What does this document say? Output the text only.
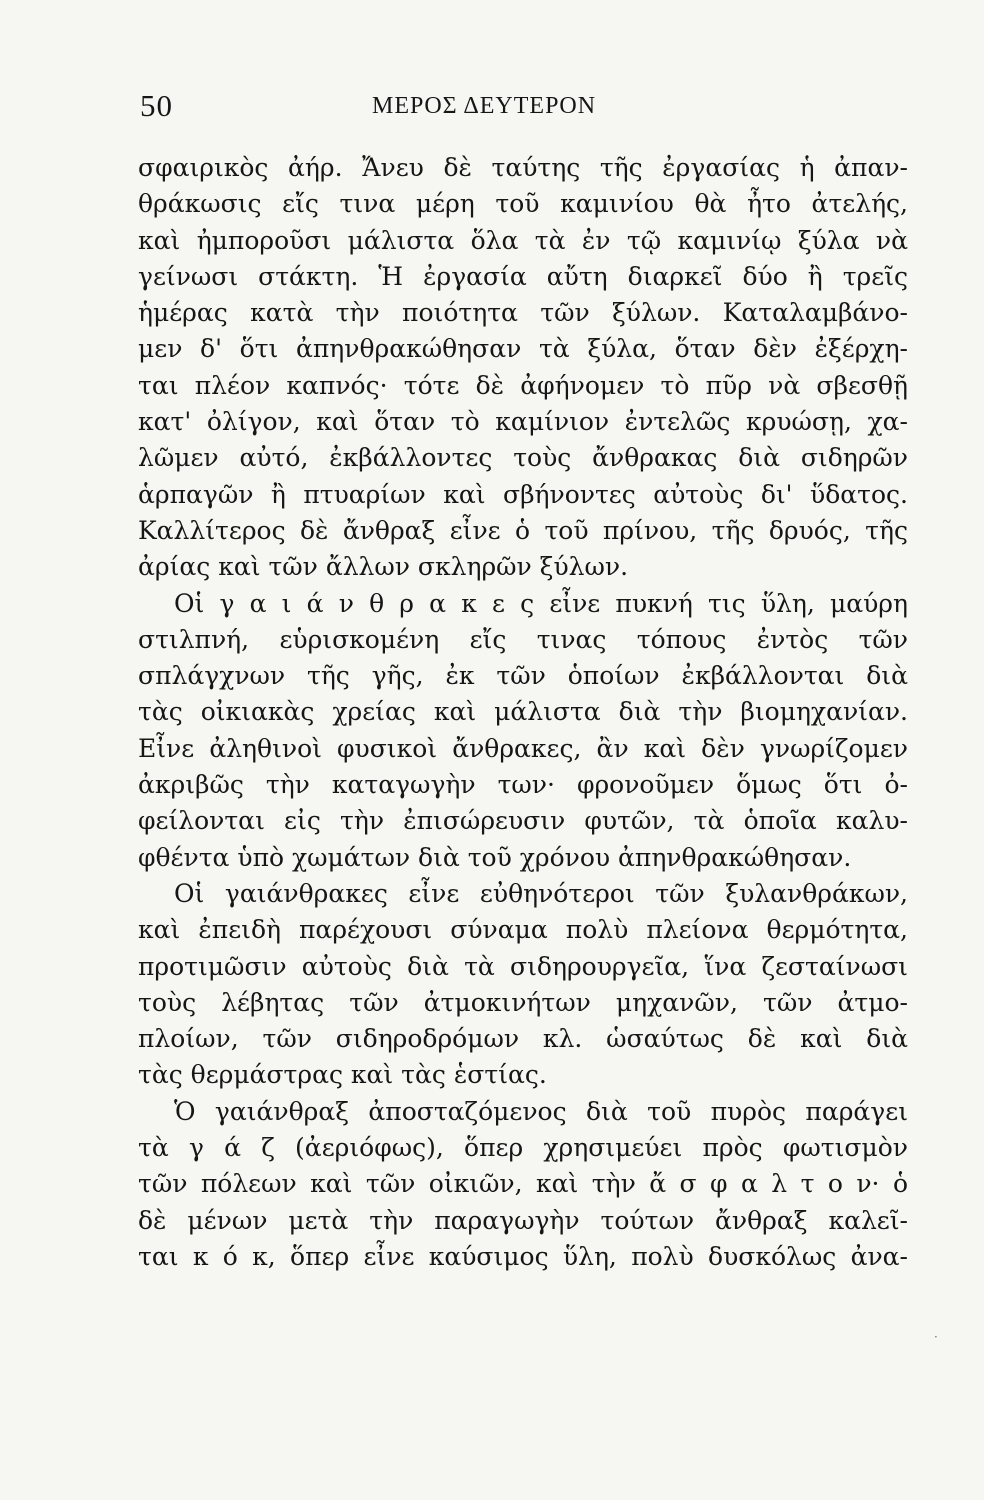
50	ΜΕΡΟΣ ΔΕΥΤΕΡΟΝ
σφαιρικὸς ἀήρ. Ἄνευ δὲ ταύτης τῆς ἐργασίας ἡ ἀπαν-
θράκωσις εἴς τινα μέρη τοῦ καμινίου θὰ ἦτο ἀτελής,
καὶ ἠμποροῦσι μάλιστα ὅλα τὰ ἐν τῷ καμινίῳ ξύλα νὰ
γείνωσι στάκτη. Ἡ ἐργασία αὔτη διαρκεῖ δύο ἢ τρεῖς
ἡμέρας κατὰ τὴν ποιότητα τῶν ξύλων. Καταλαμβάνο-
μεν δ' ὅτι ἀπηνθρακώθησαν τὰ ξύλα, ὅταν δὲν ἐξέρχη-
ται πλέον καπνός· τότε δὲ ἀφήνομεν τὸ πῦρ νὰ σβεσθῇ
κατ' ὀλίγον, καὶ ὅταν τὸ καμίνιον ἐντελῶς κρυώσῃ, χα-
λῶμεν αὐτό, ἐκβάλλοντες τοὺς ἄνθρακας διὰ σιδηρῶν
ἁρπαγῶν ἢ πτυαρίων καὶ σβήνοντες αὐτοὺς δι' ὕδατος.
Καλλίτερος δὲ ἄνθραξ εἶνε ὁ τοῦ πρίνου, τῆς δρυός, τῆς
ἀρίας καὶ τῶν ἄλλων σκληρῶν ξύλων.
Οἱ γ α ι ά ν θ ρ α κ ε ς εἶνε πυκνή τις ὕλη, μαύρη
στιλπνή, εὑρισκομένη εἴς τινας τόπους ἐντὸς τῶν
σπλάγχνων τῆς γῆς, ἐκ τῶν ὁποίων ἐκβάλλονται διὰ
τὰς οἰκιακὰς χρείας καὶ μάλιστα διὰ τὴν βιομηχανίαν.
Εἶνε ἀληθινοὶ φυσικοὶ ἄνθρακες, ἂν καὶ δὲν γνωρίζομεν
ἀκριβῶς τὴν καταγωγὴν των· φρονοῦμεν ὅμως ὅτι ὀ-
φείλονται εἰς τὴν ἐπισώρευσιν φυτῶν, τὰ ὁποῖα καλυ-
φθέντα ὑπὸ χωμάτων διὰ τοῦ χρόνου ἀπηνθρακώθησαν.
Οἱ γαιάνθρακες εἶνε εὐθηνότεροι τῶν ξυλανθράκων,
καὶ ἐπειδὴ παρέχουσι σύναμα πολὺ πλείονα θερμότητα,
προτιμῶσιν αὐτοὺς διὰ τὰ σιδηρουργεῖα, ἵνα ζεσταίνωσι
τοὺς λέβητας τῶν ἀτμοκινήτων μηχανῶν, τῶν ἀτμο-
πλοίων, τῶν σιδηροδρόμων κλ. ὡσαύτως δὲ καὶ διὰ
τὰς θερμάστρας καὶ τὰς ἑστίας.
Ὁ γαιάνθραξ ἀποσταζόμενος διὰ τοῦ πυρὸς παράγει
τὰ γ ά ζ (ἀεριόφως), ὅπερ χρησιμεύει πρὸς φωτισμὸν
τῶν πόλεων καὶ τῶν οἰκιῶν, καὶ τὴν ἄ σ φ α λ τ ο ν· ὁ
δὲ μένων μετὰ τὴν παραγωγὴν τούτων ἄνθραξ καλεῖ-
ται κ ό κ, ὅπερ εἶνε καύσιμος ὕλη, πολὺ δυσκόλως ἀνα-
·
